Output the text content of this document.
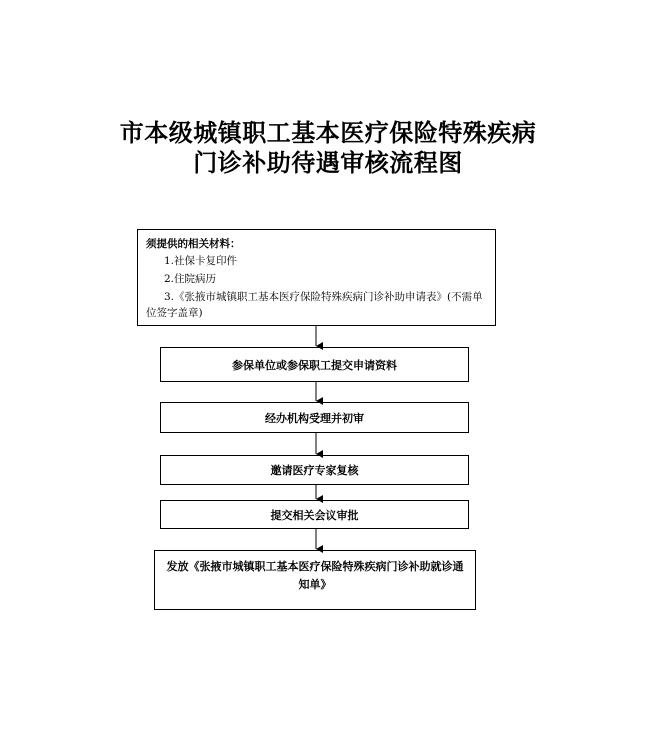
市本级城镇职工基本医疗保险特殊疾病
门诊补助待遇审核流程图
须提供的相关材料：
1.社保卡复印件
2.住院病历
3.《张掖市城镇职工基本医疗保险特殊疾病门诊补助申请表》(不需单位签字盖章)
参保单位或参保职工提交申请资料
经办机构受理并初审
邀请医疗专家复核
提交相关会议审批
发放《张掖市城镇职工基本医疗保险特殊疾病门诊补助就诊通知单》
